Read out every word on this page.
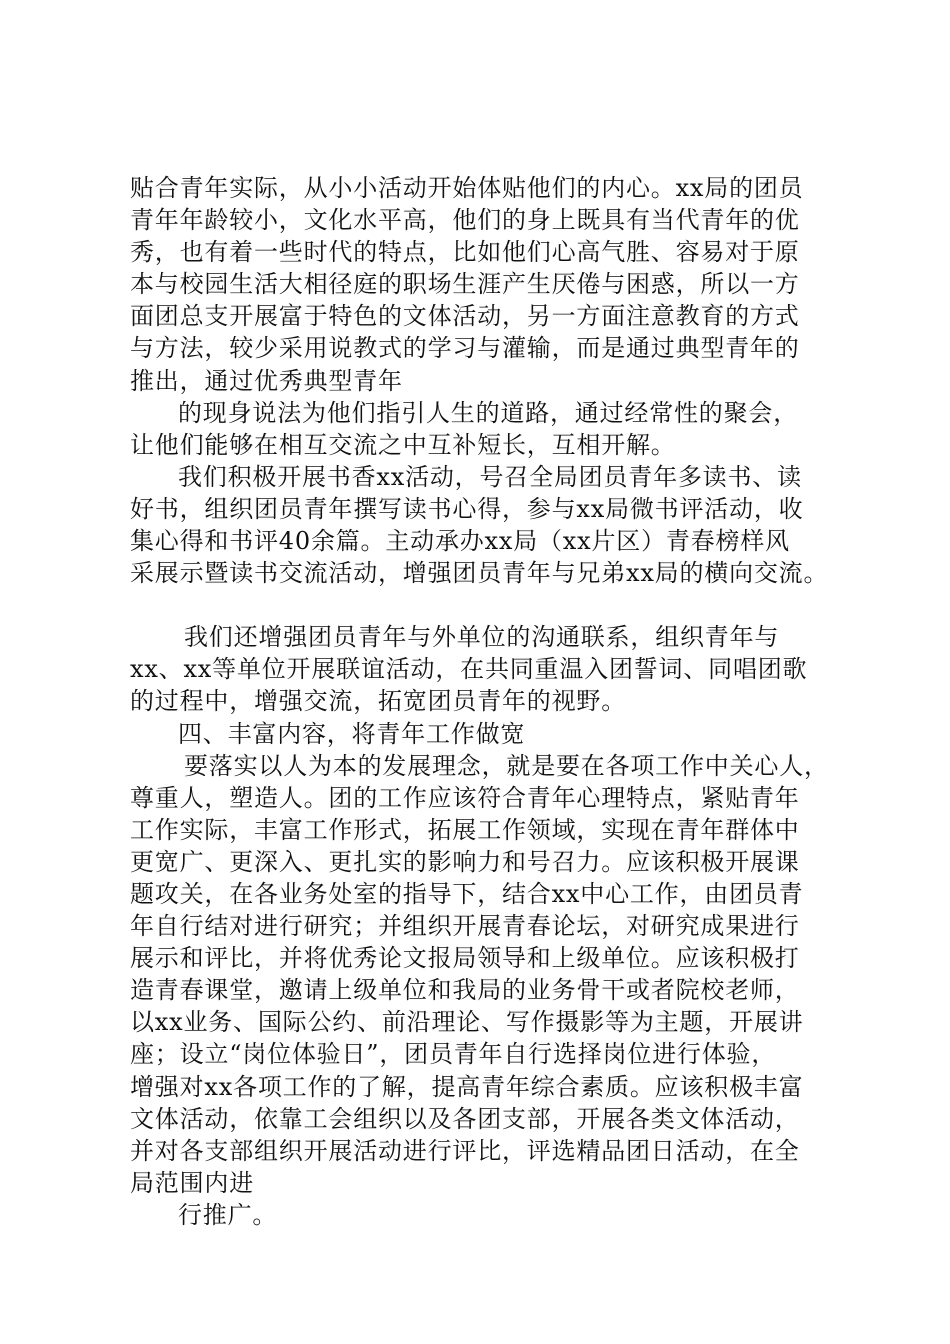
贴合青年实际，从小小活动开始体贴他们的内心。xx局的团员
青年年龄较小，文化水平高，他们的身上既具有当代青年的优
秀，也有着一些时代的特点，比如他们心高气胜、容易对于原
本与校园生活大相径庭的职场生涯产生厌倦与困惑，所以一方
面团总支开展富于特色的文体活动，另一方面注意教育的方式
与方法，较少采用说教式的学习与灌输，而是通过典型青年的
推出，通过优秀典型青年

的现身说法为他们指引人生的道路，通过经常性的聚会，
让他们能够在相互交流之中互补短长，互相开解。

我们积极开展书香xx活动，号召全局团员青年多读书、读
好书，组织团员青年撰写读书心得，参与xx局微书评活动，收
集心得和书评40余篇。主动承办xx局（xx片区）青春榜样风
采展示暨读书交流活动，增强团员青年与兄弟xx局的横向交流。

我们还增强团员青年与外单位的沟通联系，组织青年与
xx、xx等单位开展联谊活动，在共同重温入团誓词、同唱团歌
的过程中，增强交流，拓宽团员青年的视野。

四、丰富内容，将青年工作做宽

要落实以人为本的发展理念，就是要在各项工作中关心人，
尊重人，塑造人。团的工作应该符合青年心理特点，紧贴青年
工作实际，丰富工作形式，拓展工作领域，实现在青年群体中
更宽广、更深入、更扎实的影响力和号召力。应该积极开展课
题攻关，在各业务处室的指导下，结合xx中心工作，由团员青
年自行结对进行研究；并组织开展青春论坛，对研究成果进行
展示和评比，并将优秀论文报局领导和上级单位。应该积极打
造青春课堂，邀请上级单位和我局的业务骨干或者院校老师，
以xx业务、国际公约、前沿理论、写作摄影等为主题，开展讲
座；设立“岗位体验日”，团员青年自行选择岗位进行体验，
增强对xx各项工作的了解，提高青年综合素质。应该积极丰富
文体活动，依靠工会组织以及各团支部，开展各类文体活动，
并对各支部组织开展活动进行评比，评选精品团日活动，在全
局范围内进

行推广。
